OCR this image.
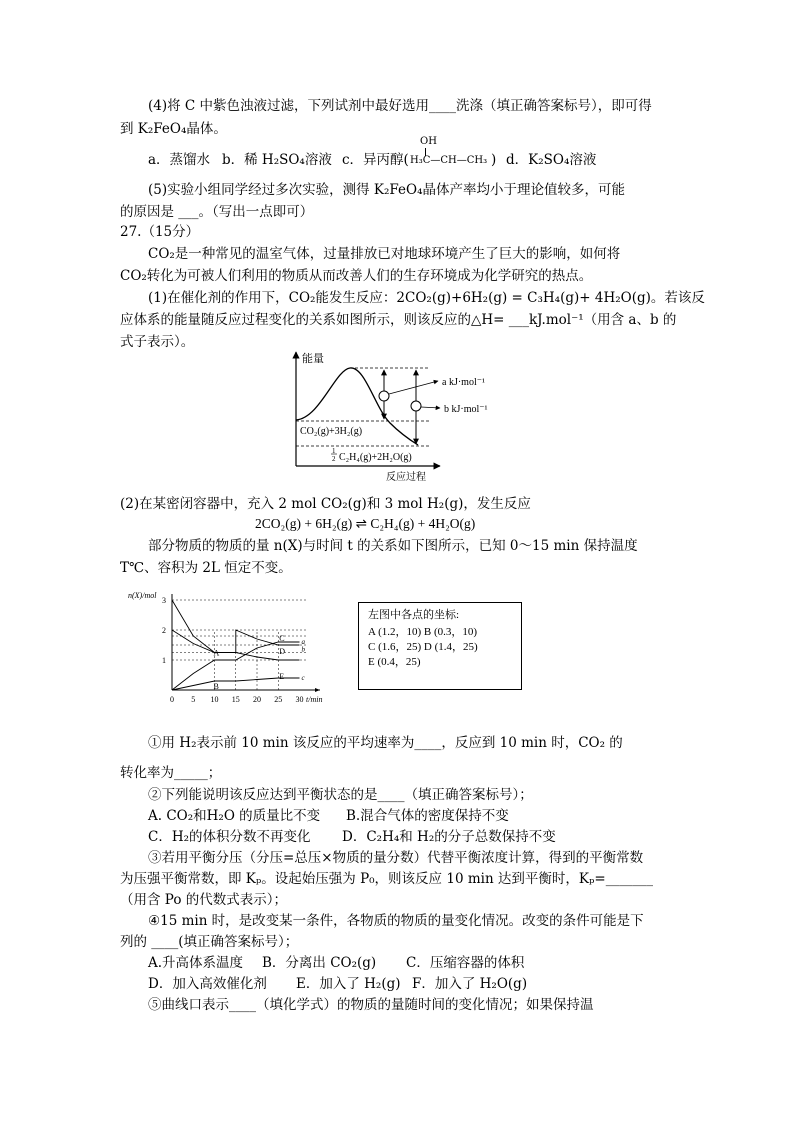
(4)将 C 中紫色浊液过滤，下列试剂中最好选用____洗涤（填正确答案标号），即可得
到 K₂FeO₄晶体。
a．蒸馏水 b．稀 H₂SO₄溶液 c．异丙醇(
OH
H₃C—CH—CH₃ ) d．K₂SO₄溶液
(5)实验小组同学经过多次实验，测得 K₂FeO₄晶体产率均小于理论值较多，可能
的原因是 ___。（写出一点即可）
27.（15分）
CO₂是一种常见的温室气体，过量排放已对地球环境产生了巨大的影响，如何将
CO₂转化为可被人们利用的物质从而改善人们的生存环境成为化学研究的热点。
(1)在催化剂的作用下，CO₂能发生反应：2CO₂(g)+6H₂(g) = C₃H₄(g)+ 4H₂O(g)。若该反
应体系的能量随反应过程变化的关系如图所示，则该反应的△H= ___kJ.mol⁻¹（用含 a、b 的
式子表示）。
能量
反应过程
a kJ·mol⁻¹
b kJ·mol⁻¹
CO₂(g)+3H₂(g)
1
2 C₂H₄(g)+2H₂O(g)
(2)在某密闭容器中，充入 2 mol CO₂(g)和 3 mol H₂(g)，发生反应
2CO₂(g) + 6H₂(g) ⇌ C₂H₄(g) + 4H₂O(g)
部分物质的物质的量 n(X)与时间 t 的关系如下图所示，已知 0～15 min 保持温度
T℃、容积为 2L 恒定不变。
0 5 10 15 20 25 30
1
2
3
n(X)/mol
t/min
A
B
C
D
E
a
b
c
左图中各点的坐标:
A (1.2，10) B (0.3，10)
C (1.6，25) D (1.4，25)
E (0.4，25)
①用 H₂表示前 10 min 该反应的平均速率为____，反应到 10 min 时，CO₂ 的
转化率为_____；
②下列能说明该反应达到平衡状态的是____（填正确答案标号）；
A. CO₂和H₂O 的质量比不变 B.混合气体的密度保持不变
C．H₂的体积分数不再变化 D．C₂H₄和 H₂的分子总数保持不变
③若用平衡分压（分压=总压×物质的量分数）代替平衡浓度计算，得到的平衡常数
为压强平衡常数，即 Kₚ。设起始压强为 P₀，则该反应 10 min 达到平衡时，Kₚ=_______
（用含 Po 的代数式表示）；
④15 min 时，是改变某一条件，各物质的物质的量变化情况。改变的条件可能是下
列的 ____(填正确答案标号）；
A.升高体系温度 B．分离出 CO₂(g) C．压缩容器的体积
D．加入高效催化剂 E．加入了 H₂(g) F．加入了 H₂O(g)
⑤曲线口表示____（填化学式）的物质的量随时间的变化情况；如果保持温
